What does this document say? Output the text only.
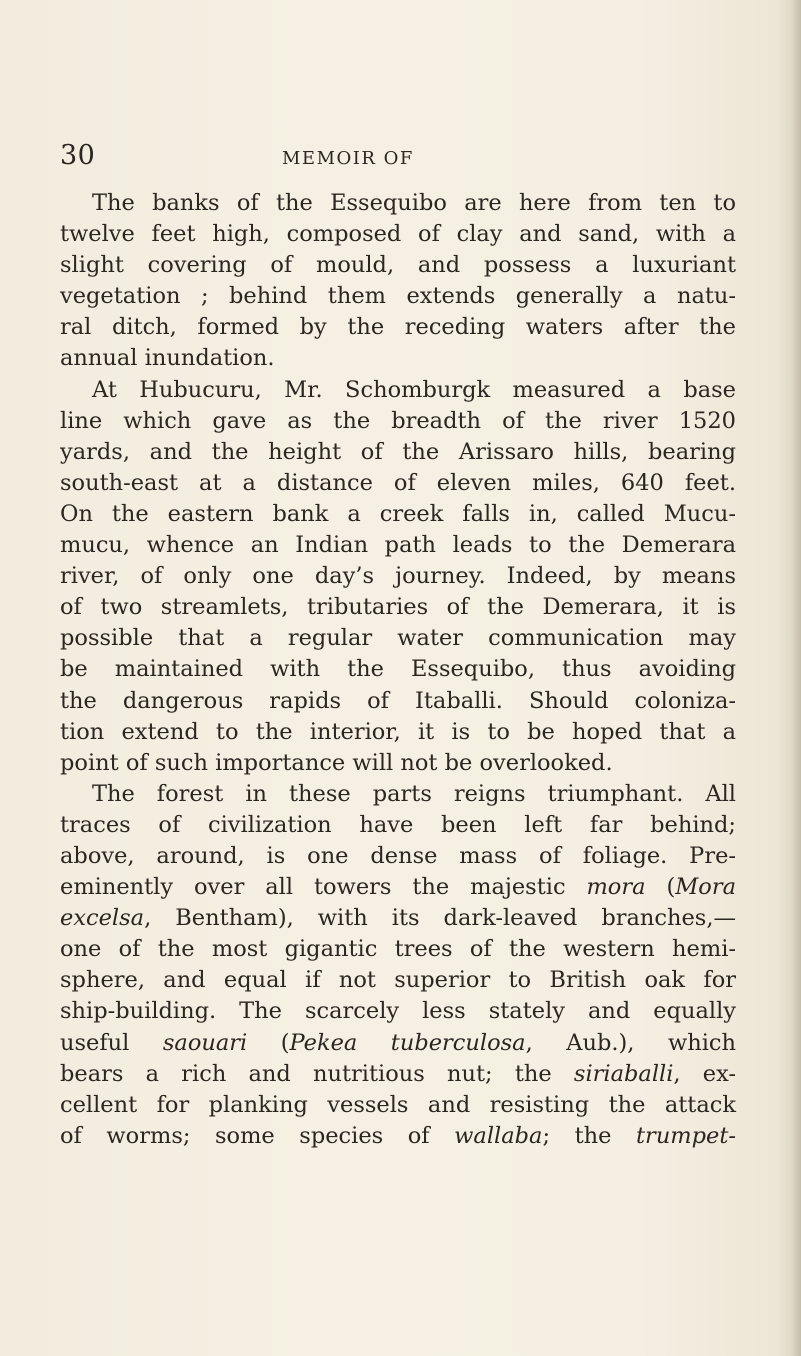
30	MEMOIR OF
The banks of the Essequibo are here from ten to
twelve feet high, composed of clay and sand, with a
slight covering of mould, and possess a luxuriant
vegetation ; behind them extends generally a natu-
ral ditch, formed by the receding waters after the
annual inundation.
At Hubucuru, Mr. Schomburgk measured a base
line which gave as the breadth of the river 1520
yards, and the height of the Arissaro hills, bearing
south-east at a distance of eleven miles, 640 feet.
On the eastern bank a creek falls in, called Mucu-
mucu, whence an Indian path leads to the Demerara
river, of only one day’s journey. Indeed, by means
of two streamlets, tributaries of the Demerara, it is
possible that a regular water communication may
be maintained with the Essequibo, thus avoiding
the dangerous rapids of Itaballi. Should coloniza-
tion extend to the interior, it is to be hoped that a
point of such importance will not be overlooked.
The forest in these parts reigns triumphant. All
traces of civilization have been left far behind;
above, around, is one dense mass of foliage. Pre-
eminently over all towers the majestic mora (Mora
excelsa, Bentham), with its dark-leaved branches,—
one of the most gigantic trees of the western hemi-
sphere, and equal if not superior to British oak for
ship-building. The scarcely less stately and equally
useful saouari (Pekea tuberculosa, Aub.), which
bears a rich and nutritious nut; the siriaballi, ex-
cellent for planking vessels and resisting the attack
of worms; some species of wallaba; the trumpet-
